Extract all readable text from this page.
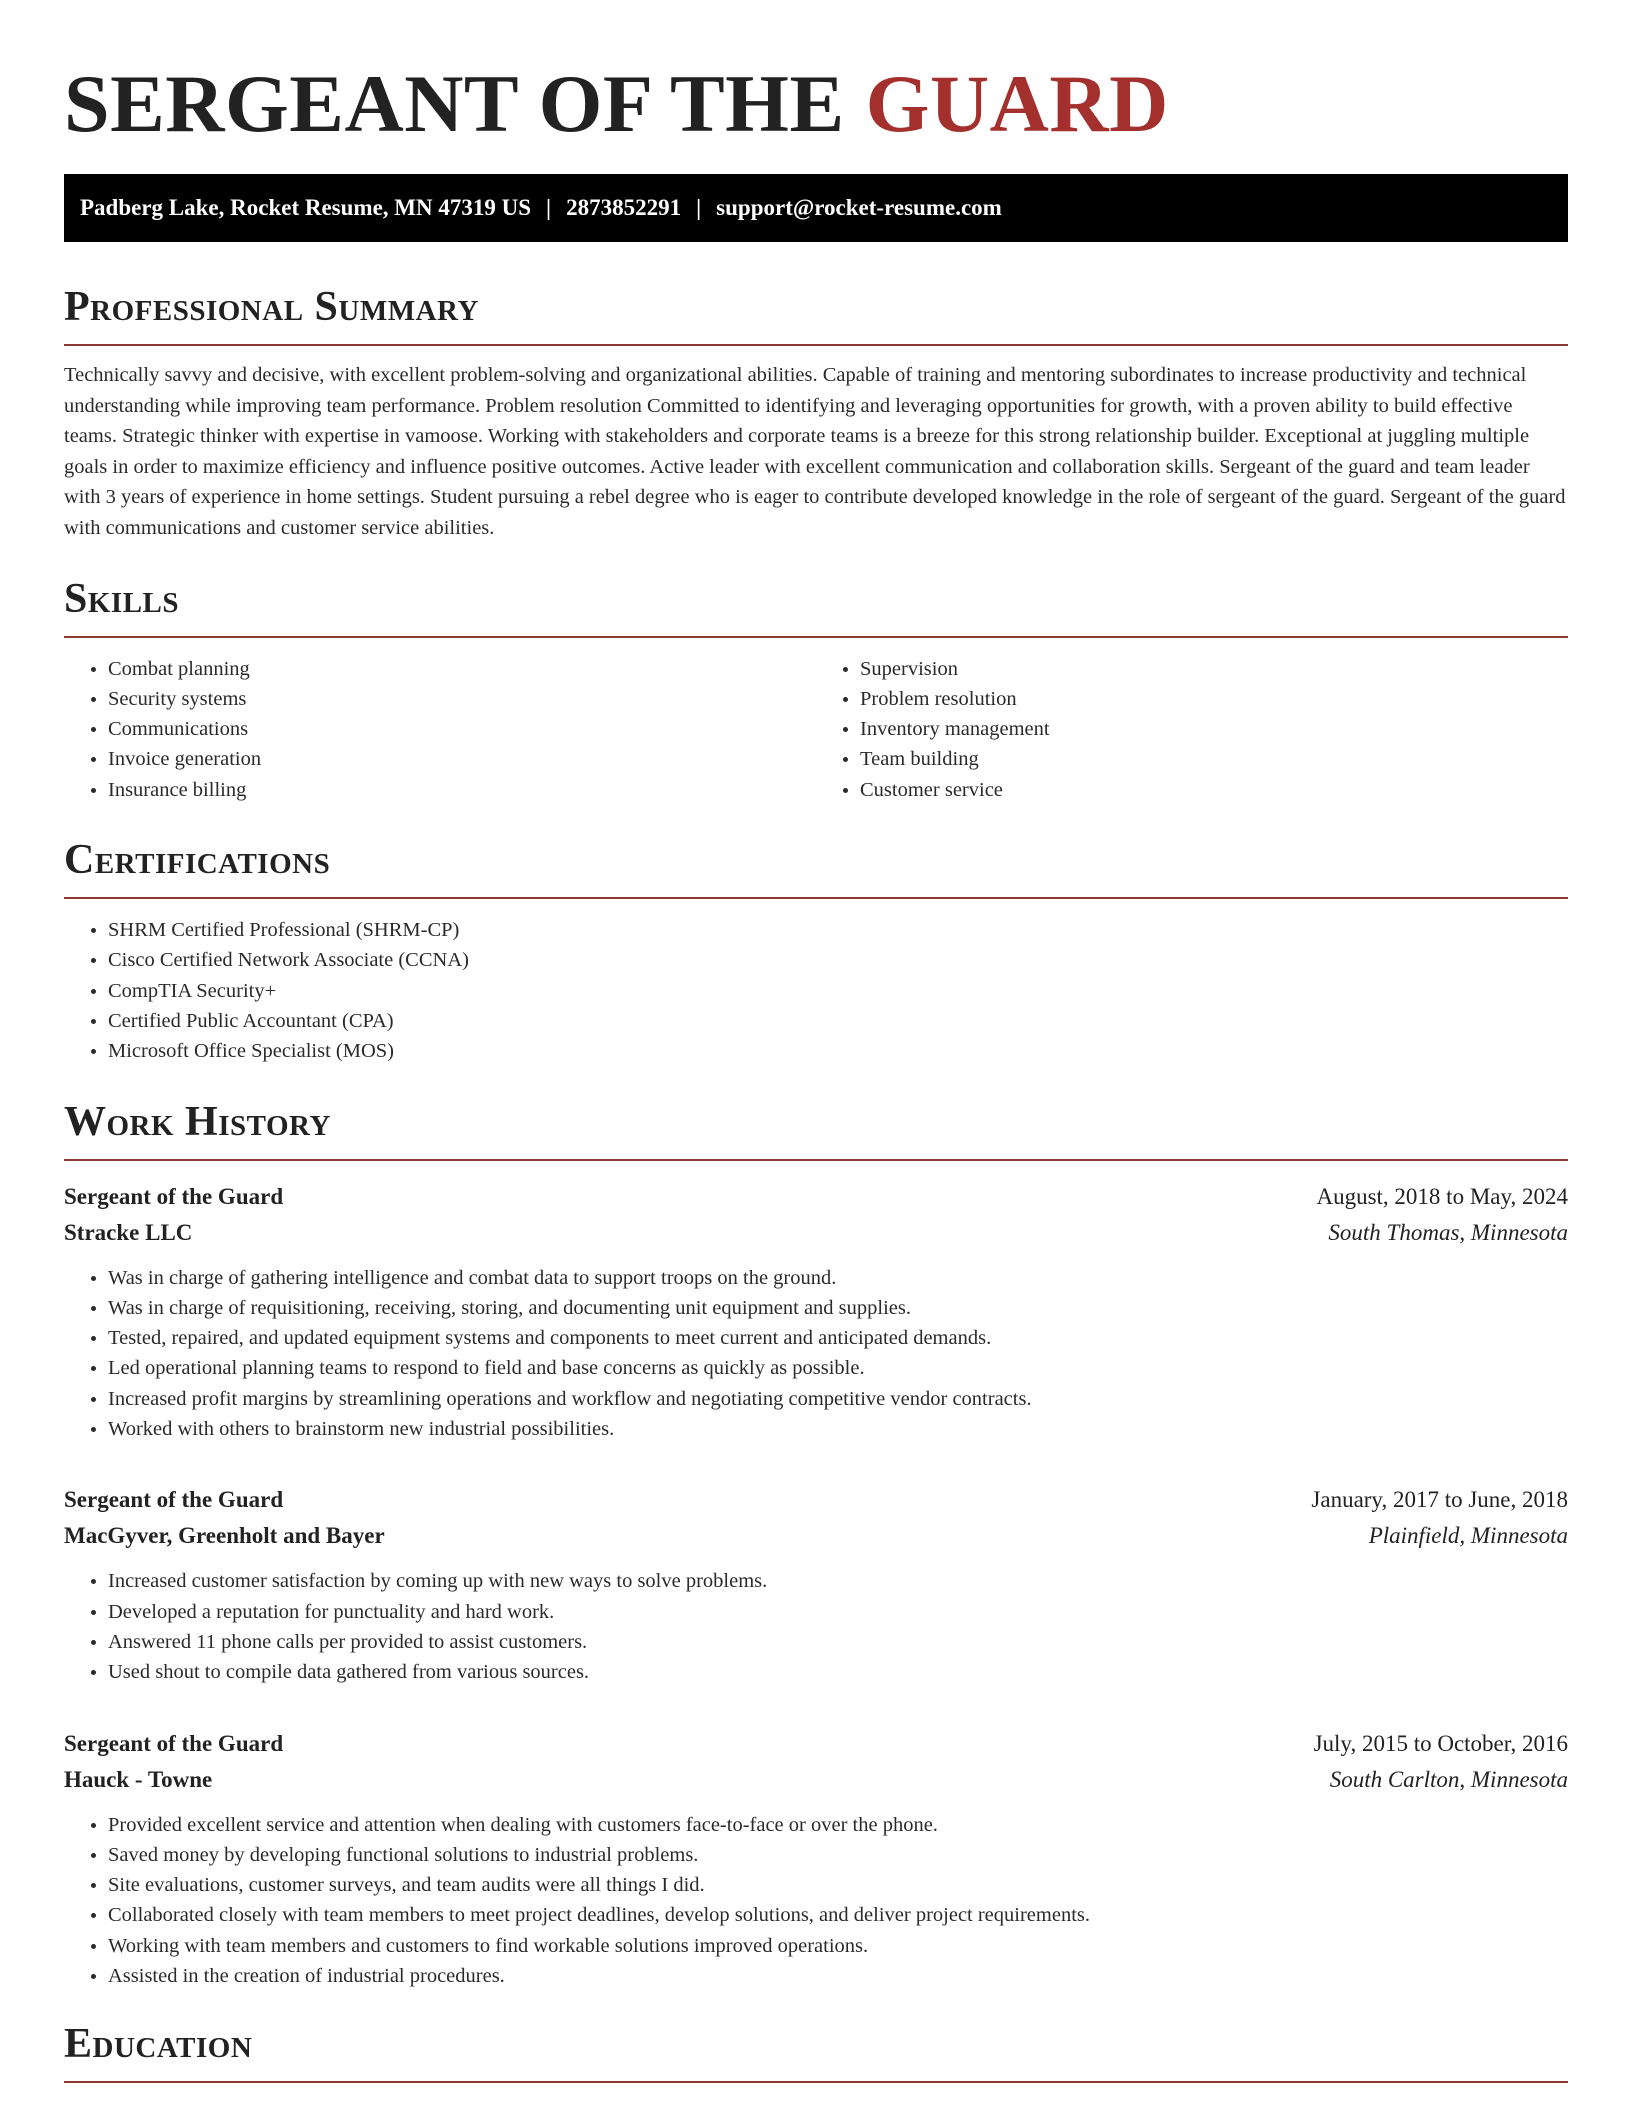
SERGEANT OF THE GUARD
Padberg Lake, Rocket Resume, MN 47319 US | 2873852291 | support@rocket-resume.com
Professional Summary

Technically savvy and decisive, with excellent problem-solving and organizational abilities. Capable of training and mentoring subordinates to increase productivity and technical understanding while improving team performance. Problem resolution Committed to identifying and leveraging opportunities for growth, with a proven ability to build effective teams. Strategic thinker with expertise in vamoose. Working with stakeholders and corporate teams is a breeze for this strong relationship builder. Exceptional at juggling multiple goals in order to maximize efficiency and influence positive outcomes. Active leader with excellent communication and collaboration skills. Sergeant of the guard and team leader with 3 years of experience in home settings. Student pursuing a rebel degree who is eager to contribute developed knowledge in the role of sergeant of the guard. Sergeant of the guard with communications and customer service abilities.

Skills
• Combat planning
• Security systems
• Communications
• Invoice generation
• Insurance billing
• Supervision
• Problem resolution
• Inventory management
• Team building
• Customer service
Certifications
• SHRM Certified Professional (SHRM-CP)
• Cisco Certified Network Associate (CCNA)
• CompTIA Security+
• Certified Public Accountant (CPA)
• Microsoft Office Specialist (MOS)
Work History
Sergeant of the Guard	August, 2018 to May, 2024
Stracke LLC	South Thomas, Minnesota
• Was in charge of gathering intelligence and combat data to support troops on the ground.
• Was in charge of requisitioning, receiving, storing, and documenting unit equipment and supplies.
• Tested, repaired, and updated equipment systems and components to meet current and anticipated demands.
• Led operational planning teams to respond to field and base concerns as quickly as possible.
• Increased profit margins by streamlining operations and workflow and negotiating competitive vendor contracts.
• Worked with others to brainstorm new industrial possibilities.
Sergeant of the Guard	January, 2017 to June, 2018
MacGyver, Greenholt and Bayer	Plainfield, Minnesota
• Increased customer satisfaction by coming up with new ways to solve problems.
• Developed a reputation for punctuality and hard work.
• Answered 11 phone calls per provided to assist customers.
• Used shout to compile data gathered from various sources.
Sergeant of the Guard	July, 2015 to October, 2016
Hauck - Towne	South Carlton, Minnesota
• Provided excellent service and attention when dealing with customers face-to-face or over the phone.
• Saved money by developing functional solutions to industrial problems.
• Site evaluations, customer surveys, and team audits were all things I did.
• Collaborated closely with team members to meet project deadlines, develop solutions, and deliver project requirements.
• Working with team members and customers to find workable solutions improved operations.
• Assisted in the creation of industrial procedures.
Education
